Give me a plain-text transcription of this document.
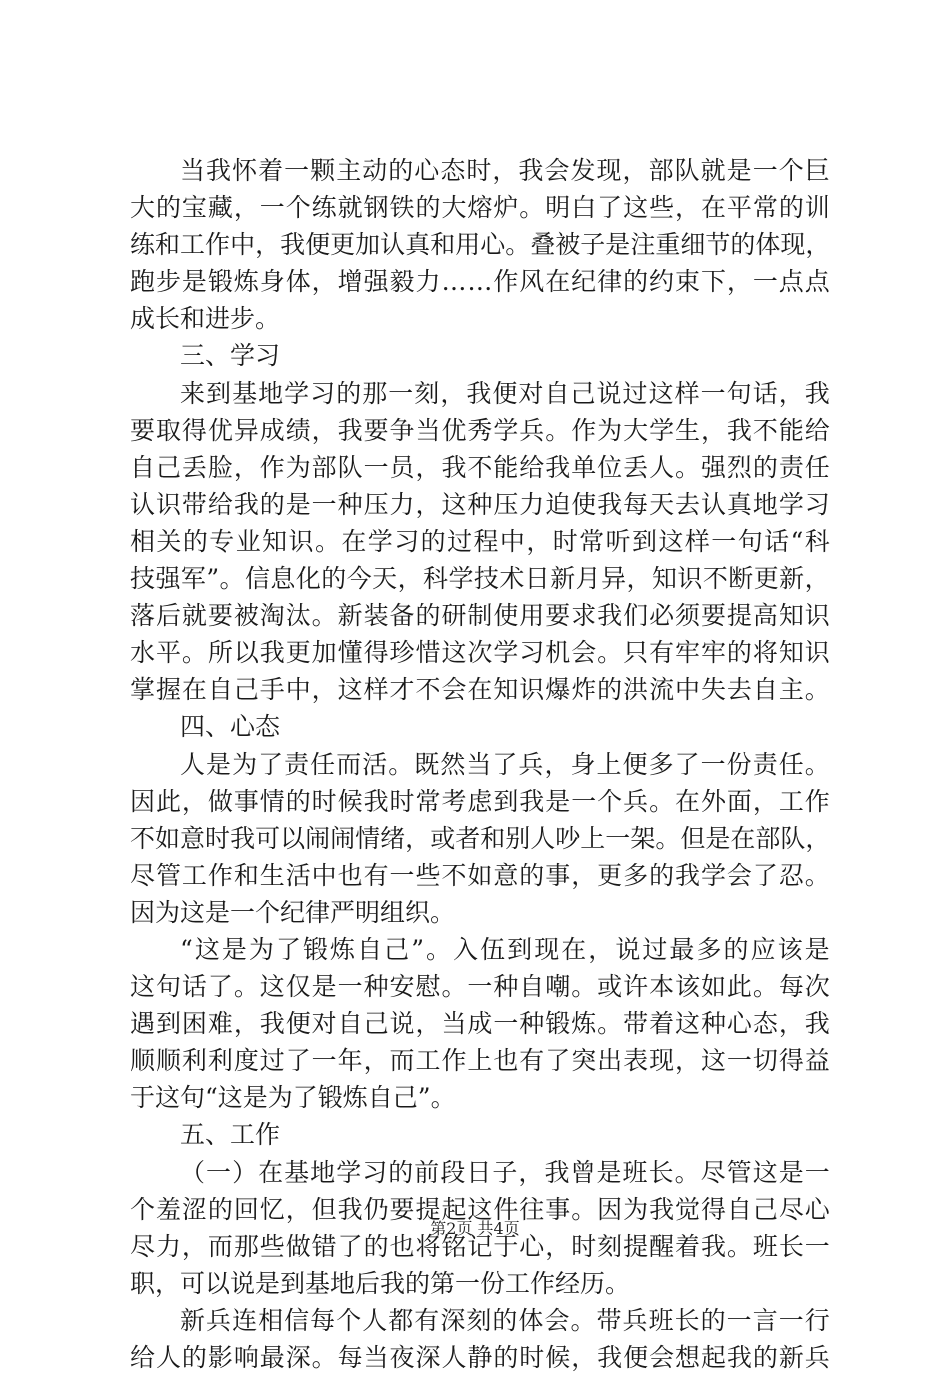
当 我 怀 着 一 颗 主 动 的 心 态 时 ， 我 会 发 现 ， 部 队 就 是 一 个 巨
大 的 宝 藏 ， 一 个 练 就 钢 铁 的 大 熔 炉 。 明 白 了 这 些 ， 在 平 常 的 训
练 和 工 作 中 ， 我 便 更 加 认 真 和 用 心 。 叠 被 子 是 注 重 细 节 的 体 现 ，
跑 步 是 锻 炼 身 体 ， 增 强 毅 力 … … 作 风 在 纪 律 的 约 束 下 ， 一 点 点
成长和进步。
三、学习
来 到 基 地 学 习 的 那 一 刻 ， 我 便 对 自 己 说 过 这 样 一 句 话 ， 我
要 取 得 优 异 成 绩 ， 我 要 争 当 优 秀 学 兵 。 作 为 大 学 生 ， 我 不 能 给
自 己 丢 脸 ， 作 为 部 队 一 员 ， 我 不 能 给 我 单 位 丢 人 。 强 烈 的 责 任
认 识 带 给 我 的 是 一 种 压 力 ， 这 种 压 力 迫 使 我 每 天 去 认 真 地 学 习
相 关 的 专 业 知 识 。 在 学 习 的 过 程 中 ， 时 常 听 到 这 样 一 句 话 “ 科
技 强 军 ” 。 信 息 化 的 今 天 ， 科 学 技 术 日 新 月 异 ， 知 识 不 断 更 新 ，
落 后 就 要 被 淘 汰 。 新 装 备 的 研 制 使 用 要 求 我 们 必 须 要 提 高 知 识
水 平 。 所 以 我 更 加 懂 得 珍 惜 这 次 学 习 机 会 。 只 有 牢 牢 的 将 知 识
掌 握 在 自 己 手 中 ， 这 样 才 不 会 在 知 识 爆 炸 的 洪 流 中 失 去 自 主 。
四、心态
人 是 为 了 责 任 而 活 。 既 然 当 了 兵 ， 身 上 便 多 了 一 份 责 任 。
因 此 ， 做 事 情 的 时 候 我 时 常 考 虑 到 我 是 一 个 兵 。 在 外 面 ， 工 作
不 如 意 时 我 可 以 闹 闹 情 绪 ， 或 者 和 别 人 吵 上 一 架 。 但 是 在 部 队 ，
尽 管 工 作 和 生 活 中 也 有 一 些 不 如 意 的 事 ， 更 多 的 我 学 会 了 忍 。
因为这是一个纪律严明组织。
“ 这 是 为 了 锻 炼 自 己 ” 。 入 伍 到 现 在 ， 说 过 最 多 的 应 该 是
这 句 话 了 。 这 仅 是 一 种 安 慰 。 一 种 自 嘲 。 或 许 本 该 如 此 。 每 次
遇 到 困 难 ， 我 便 对 自 己 说 ， 当 成 一 种 锻 炼 。 带 着 这 种 心 态 ， 我
顺 顺 利 利 度 过 了 一 年 ， 而 工 作 上 也 有 了 突 出 表 现 ， 这 一 切 得 益
于这句“这是为了锻炼自己”。
五、工作
（ 一 ） 在 基 地 学 习 的 前 段 日 子 ， 我 曾 是 班 长 。 尽 管 这 是 一
个 羞 涩 的 回 忆 ， 但 我 仍 要 提 起 这 件 往 事 。 因 为 我 觉 得 自 己 尽 心
尽 力 ， 而 那 些 做 错 了 的 也 将 铭 记 于 心 ， 时 刻 提 醒 着 我 。 班 长 一
职，可以说是到基地后我的第一份工作经历。
新 兵 连 相 信 每 个 人 都 有 深 刻 的 体 会 。 带 兵 班 长 的 一 言 一 行
给 人 的 影 响 最 深 。 每 当 夜 深 人 静 的 时 候 ， 我 便 会 想 起 我 的 新 兵
第2页 共4页
